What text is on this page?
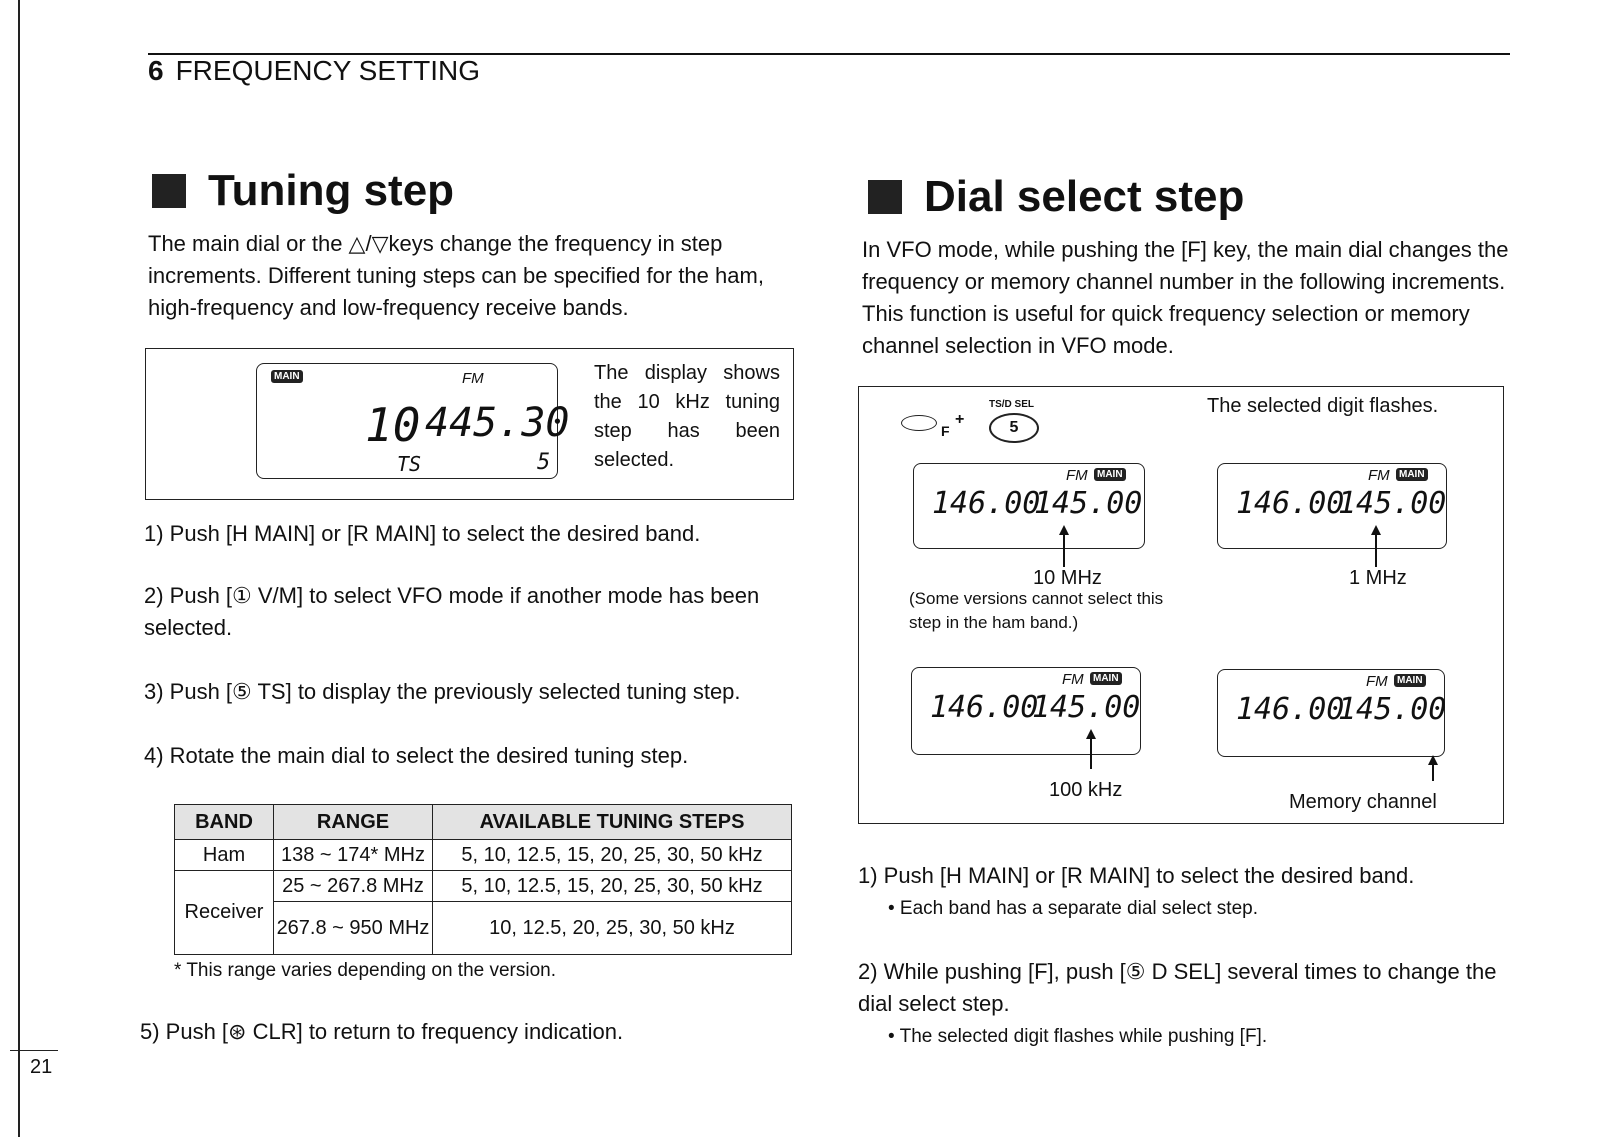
6 FREQUENCY SETTING
Tuning step
The main dial or the △/▽keys change the frequency in step increments. Different tuning steps can be specified for the ham, high-frequency and low-frequency receive bands.
MAIN	FM
10 445.30
TS	5
The display shows the 10 kHz tuning step has been selected.
1) Push [H MAIN] or [R MAIN] to select the desired band.
2) Push [① V/M] to select VFO mode if another mode has been selected.
3) Push [⑤ TS] to display the previously selected tuning step.
4) Rotate the main dial to select the desired tuning step.
BAND	RANGE	AVAILABLE TUNING STEPS
Ham	138 ~ 174* MHz	5, 10, 12.5, 15, 20, 25, 30, 50 kHz
Receiver	25 ~ 267.8 MHz	5, 10, 12.5, 15, 20, 25, 30, 50 kHz
	267.8 ~ 950 MHz	10, 12.5, 20, 25, 30, 50 kHz
* This range varies depending on the version.
5) Push [⊛ CLR] to return to frequency indication.
21
Dial select step
In VFO mode, while pushing the [F] key, the main dial changes the frequency or memory channel number in the following increments. This function is useful for quick frequency selection or memory channel selection in VFO mode.
F
+
TS/D SEL
5
The selected digit flashes.
FM MAIN
146.00
145.00
10 MHz
(Some versions cannot select this step in the ham band.)
FM MAIN
146.00
145.00
1 MHz
FM MAIN
146.00
145.00
100 kHz
FM MAIN
146.00
145.00
Memory channel
1) Push [H MAIN] or [R MAIN] to select the desired band.
• Each band has a separate dial select step.
2) While pushing [F], push [⑤ D SEL] several times to change the dial select step.
• The selected digit flashes while pushing [F].
